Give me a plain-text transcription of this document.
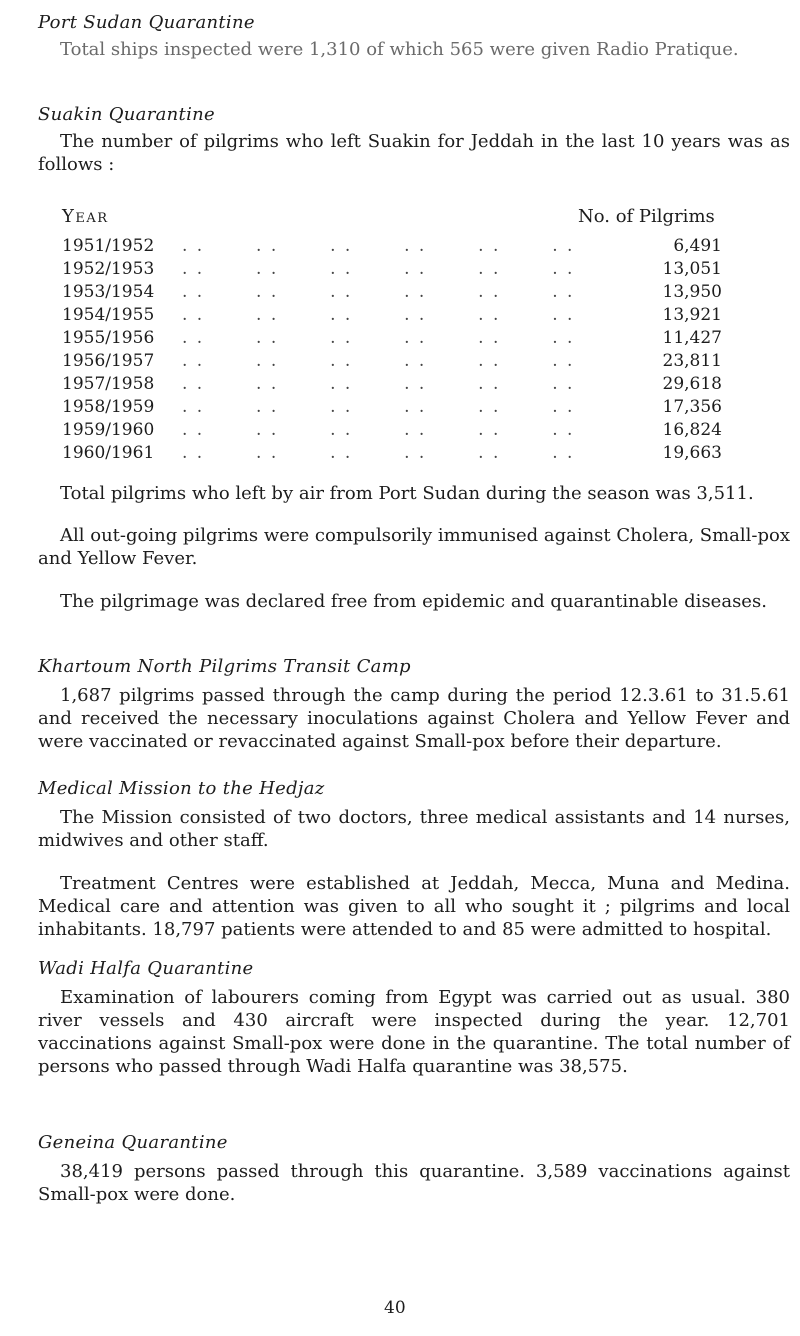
Port Sudan Quarantine
Total ships inspected were 1,310 of which 565 were given Radio Pratique.
Suakin Quarantine
The number of pilgrims who left Suakin for Jeddah in the last 10 years was as follows :
Year	No. of Pilgrims
1951/1952 . .       . .       . .       . .       . .       . .	6,491
1952/1953 . .       . .       . .       . .       . .       . .	13,051
1953/1954 . .       . .       . .       . .       . .       . .	13,950
1954/1955 . .       . .       . .       . .       . .       . .	13,921
1955/1956 . .       . .       . .       . .       . .       . .	11,427
1956/1957 . .       . .       . .       . .       . .       . .	23,811
1957/1958 . .       . .       . .       . .       . .       . .	29,618
1958/1959 . .       . .       . .       . .       . .       . .	17,356
1959/1960 . .       . .       . .       . .       . .       . .	16,824
1960/1961 . .       . .       . .       . .       . .       . .	19,663
Total pilgrims who left by air from Port Sudan during the season was 3,511.
All out-going pilgrims were compulsorily immunised against Cholera, Small-pox and Yellow Fever.
The pilgrimage was declared free from epidemic and quarantinable diseases.
Khartoum North Pilgrims Transit Camp
1,687 pilgrims passed through the camp during the period 12.3.61 to 31.5.61 and received the necessary inoculations against Cholera and Yellow Fever and were vaccinated or revaccinated against Small-pox before their departure.
Medical Mission to the Hedjaz
The Mission consisted of two doctors, three medical assistants and 14 nurses, midwives and other staff.
Treatment Centres were established at Jeddah, Mecca, Muna and Medina. Medical care and attention was given to all who sought it ; pilgrims and local inhabitants. 18,797 patients were attended to and 85 were admitted to hospital.
Wadi Halfa Quarantine
Examination of labourers coming from Egypt was carried out as usual. 380 river vessels and 430 aircraft were inspected during the year. 12,701 vaccinations against Small-pox were done in the quarantine. The total number of persons who passed through Wadi Halfa quarantine was 38,575.
Geneina Quarantine
38,419 persons passed through this quarantine. 3,589 vaccinations against Small-pox were done.
40
